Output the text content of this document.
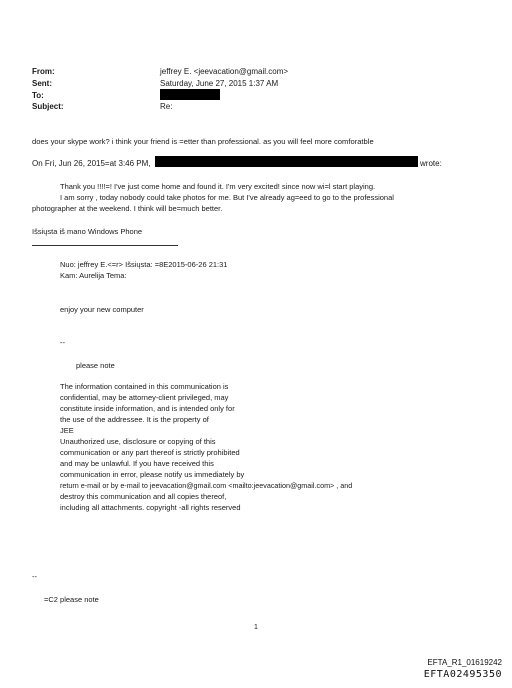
From:	jeffrey E. <jeevacation@gmail.com>
Sent:	Saturday, June 27, 2015 1:37 AM
To:
Subject:	Re:
does your skype work? i think your friend is =etter than professional. as you will feel more comforatble
On Fri, Jun 26, 2015=at 3:46 PM,	wrote:
Thank you !!!!=! I've just come home and found it. I'm very excited! since now wi=l start playing.
I am sorry , today nobody could take photos for me. But I've already ag=eed to go to the professional
photographer at the weekend. I think will be=much better.
Išsiųsta iš mano Windows Phone
Nuo: jeffrey E.<=r> Išsiųsta: =8E2015-06-26 21:31
Kam: Aurelija Tema:
enjoy your new computer
--
please note
The information contained in this communication is
confidential, may be attorney-client privileged, may
constitute inside information, and is intended only for
the use of the addressee. It is the property of
JEE
Unauthorized use, disclosure or copying of this
communication or any part thereof is strictly prohibited
and may be unlawful. If you have received this
communication in error, please notify us immediately by
return e-mail or by e-mail to jeevacation@gmail.com <mailto:jeevacation@gmail.com> , and
destroy this communication and all copies thereof,
including all attachments. copyright -all rights reserved
--
=C2 please note
1
EFTA_R1_01619242
EFTA02495350
